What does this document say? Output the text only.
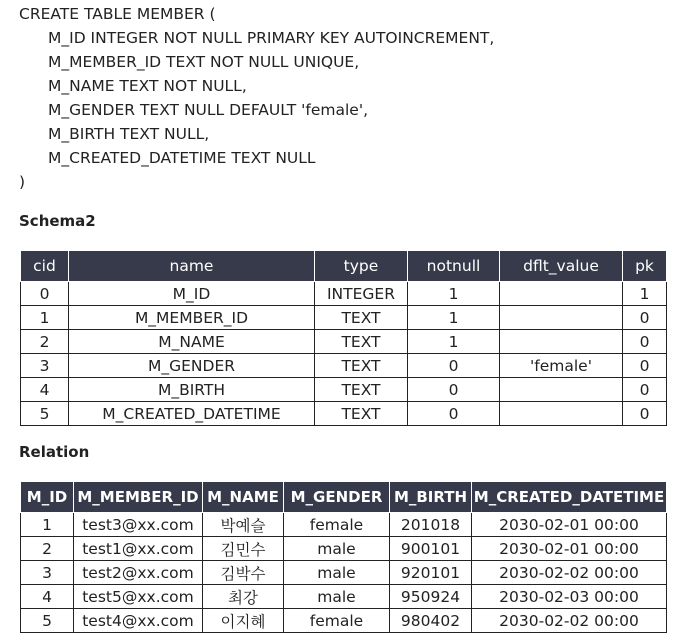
CREATE TABLE MEMBER (
M_ID INTEGER NOT NULL PRIMARY KEY AUTOINCREMENT,
M_MEMBER_ID TEXT NOT NULL UNIQUE,
M_NAME TEXT NOT NULL,
M_GENDER TEXT NULL DEFAULT 'female',
M_BIRTH TEXT NULL,
M_CREATED_DATETIME TEXT NULL
)
Schema2
cid	name	type	notnull	dflt_value	pk
0	M_ID	INTEGER	1		1
1	M_MEMBER_ID	TEXT	1		0
2	M_NAME	TEXT	1		0
3	M_GENDER	TEXT	0	'female'	0
4	M_BIRTH	TEXT	0		0
5	M_CREATED_DATETIME	TEXT	0		0
Relation
M_ID	M_MEMBER_ID	M_NAME	M_GENDER	M_BIRTH	M_CREATED_DATETIME
1	test3@xx.com	박예슬	female	201018	2030-02-01 00:00
2	test1@xx.com	김민수	male	900101	2030-02-01 00:00
3	test2@xx.com	김박수	male	920101	2030-02-02 00:00
4	test5@xx.com	최강	male	950924	2030-02-03 00:00
5	test4@xx.com	이지혜	female	980402	2030-02-02 00:00
